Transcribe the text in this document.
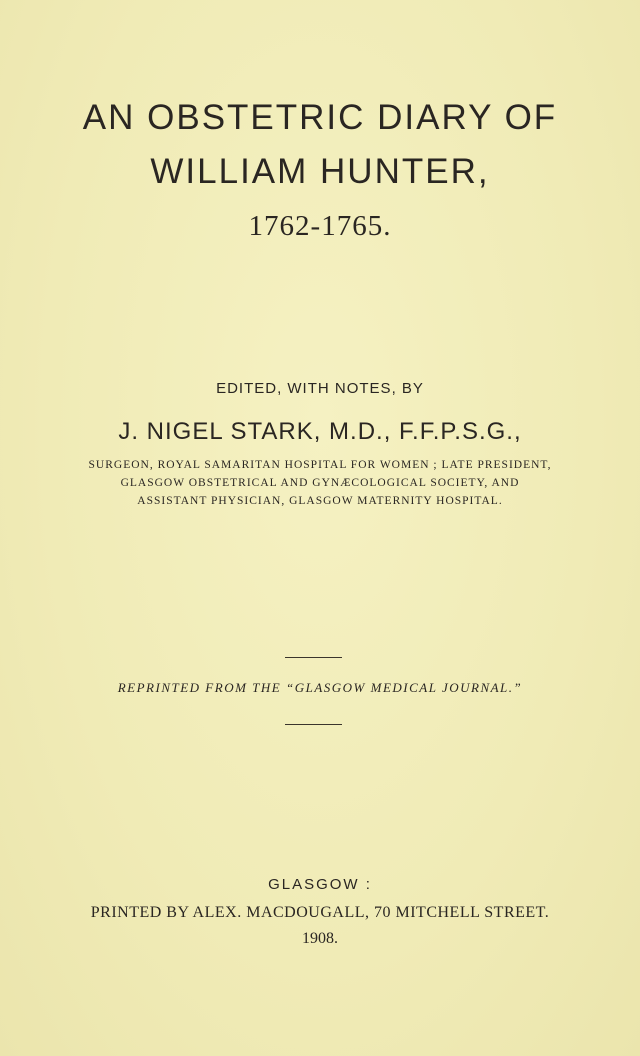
AN OBSTETRIC DIARY OF
WILLIAM HUNTER,
1762-1765.
EDITED, WITH NOTES, BY
J. NIGEL STARK, M.D., F.F.P.S.G.,
SURGEON, ROYAL SAMARITAN HOSPITAL FOR WOMEN ; LATE PRESIDENT,
GLASGOW OBSTETRICAL AND GYNÆCOLOGICAL SOCIETY, AND
ASSISTANT PHYSICIAN, GLASGOW MATERNITY HOSPITAL.
REPRINTED FROM THE “GLASGOW MEDICAL JOURNAL.”
GLASGOW :
PRINTED BY ALEX. MACDOUGALL, 70 MITCHELL STREET.
1908.
